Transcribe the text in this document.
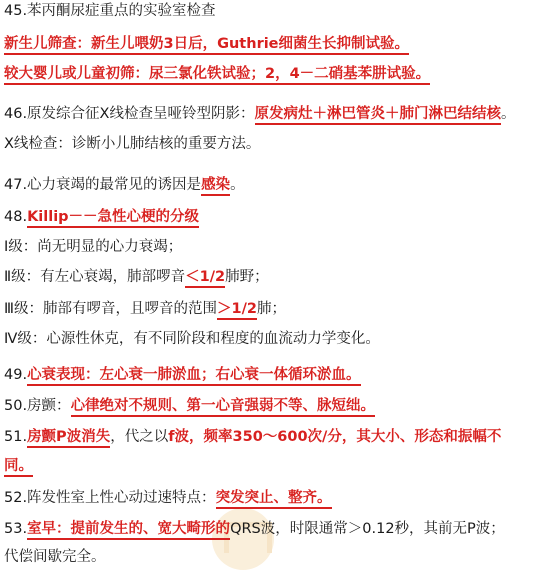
45.苯丙酮尿症重点的实验室检查
新生儿筛查：新生儿喂奶3日后，Guthrie细菌生长抑制试验。
较大婴儿或儿童初筛：尿三氯化铁试验；2，4－二硝基苯肼试验。
46.原发综合征X线检查呈哑铃型阴影：原发病灶＋淋巴管炎＋肺门淋巴结结核。
X线检查：诊断小儿肺结核的重要方法。
47.心力衰竭的最常见的诱因是感染。
48.Killip－－急性心梗的分级
Ⅰ级：尚无明显的心力衰竭；
Ⅱ级：有左心衰竭，肺部啰音＜1/2肺野；
Ⅲ级：肺部有啰音，且啰音的范围＞1/2肺；
Ⅳ级：心源性休克，有不同阶段和程度的血流动力学变化。
49.心衰表现：左心衰一肺淤血；右心衰一体循环淤血。
50.房颤：心律绝对不规则、第一心音强弱不等、脉短绌。
51.房颤P波消失，代之以f波，频率350～600次/分，其大小、形态和振幅不
同。
52.阵发性室上性心动过速特点：突发突止、整齐。
53.室早：提前发生的、宽大畸形的QRS波，时限通常＞0.12秒，其前无P波；
代偿间歇完全。
